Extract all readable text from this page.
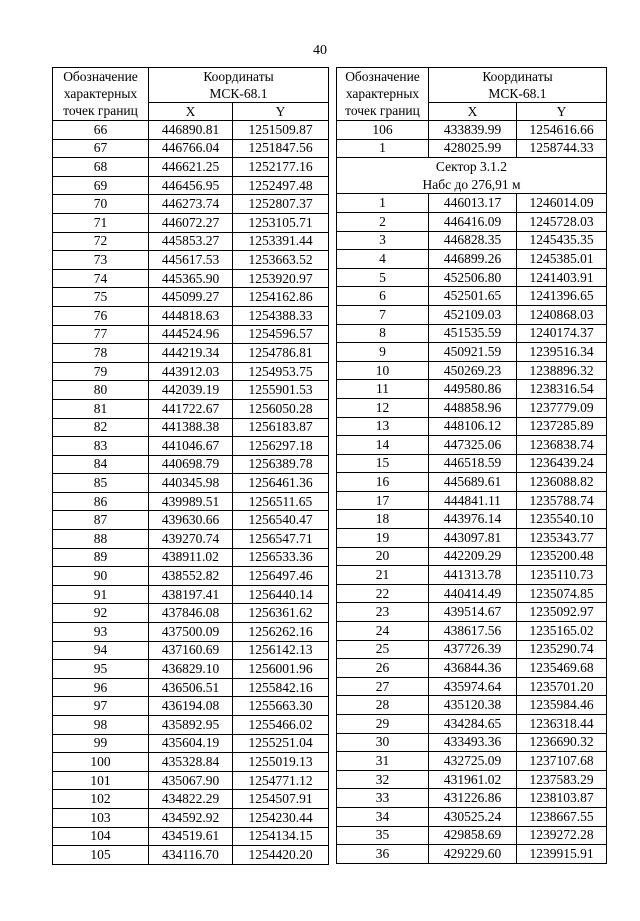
40
Обозначение	Координаты	
характерных	МСК-68.1	
точек границ	X	Y
66	446890.81	1251509.87
67	446766.04	1251847.56
68	446621.25	1252177.16
69	446456.95	1252497.48
70	446273.74	1252807.37
71	446072.27	1253105.71
72	445853.27	1253391.44
73	445617.53	1253663.52
74	445365.90	1253920.97
75	445099.27	1254162.86
76	444818.63	1254388.33
77	444524.96	1254596.57
78	444219.34	1254786.81
79	443912.03	1254953.75
80	442039.19	1255901.53
81	441722.67	1256050.28
82	441388.38	1256183.87
83	441046.67	1256297.18
84	440698.79	1256389.78
85	440345.98	1256461.36
86	439989.51	1256511.65
87	439630.66	1256540.47
88	439270.74	1256547.71
89	438911.02	1256533.36
90	438552.82	1256497.46
91	438197.41	1256440.14
92	437846.08	1256361.62
93	437500.09	1256262.16
94	437160.69	1256142.13
95	436829.10	1256001.96
96	436506.51	1255842.16
97	436194.08	1255663.30
98	435892.95	1255466.02
99	435604.19	1255251.04
100	435328.84	1255019.13
101	435067.90	1254771.12
102	434822.29	1254507.91
103	434592.92	1254230.44
104	434519.61	1254134.15
105	434116.70	1254420.20
Обозначение	Координаты	
характерных	МСК-68.1	
точек границ	X	Y
106	433839.99	1254616.66
1	428025.99	1258744.33
Сектор 3.1.2		
Набс до 276,91 м		
1	446013.17	1246014.09
2	446416.09	1245728.03
3	446828.35	1245435.35
4	446899.26	1245385.01
5	452506.80	1241403.91
6	452501.65	1241396.65
7	452109.03	1240868.03
8	451535.59	1240174.37
9	450921.59	1239516.34
10	450269.23	1238896.32
11	449580.86	1238316.54
12	448858.96	1237779.09
13	448106.12	1237285.89
14	447325.06	1236838.74
15	446518.59	1236439.24
16	445689.61	1236088.82
17	444841.11	1235788.74
18	443976.14	1235540.10
19	443097.81	1235343.77
20	442209.29	1235200.48
21	441313.78	1235110.73
22	440414.49	1235074.85
23	439514.67	1235092.97
24	438617.56	1235165.02
25	437726.39	1235290.74
26	436844.36	1235469.68
27	435974.64	1235701.20
28	435120.38	1235984.46
29	434284.65	1236318.44
30	433493.36	1236690.32
31	432725.09	1237107.68
32	431961.02	1237583.29
33	431226.86	1238103.87
34	430525.24	1238667.55
35	429858.69	1239272.28
36	429229.60	1239915.91
